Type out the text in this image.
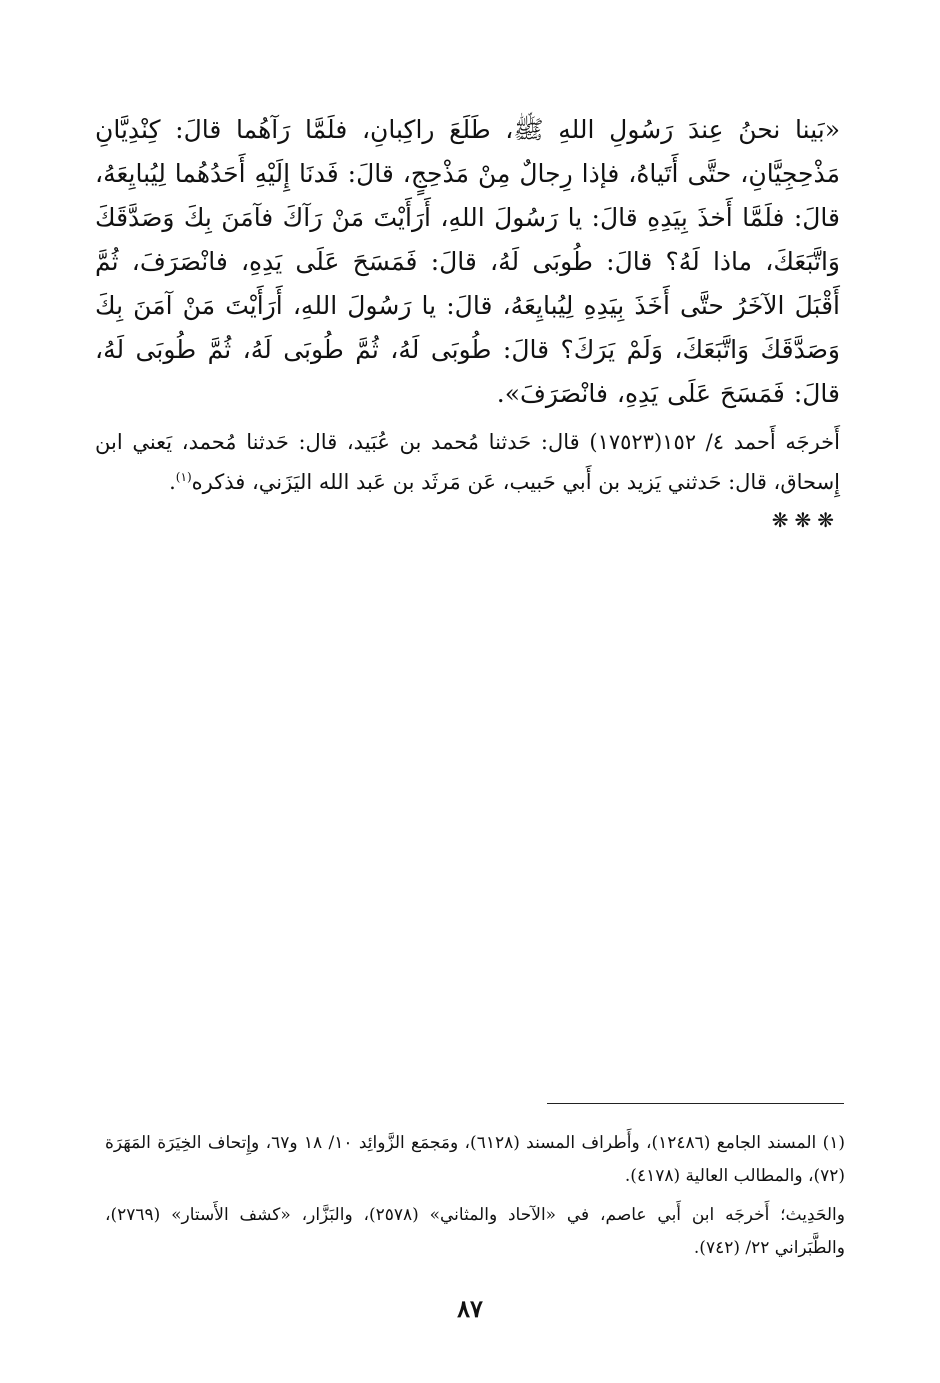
«بَينا نحنُ عِندَ رَسُولِ اللهِ ﷺ، طَلَعَ راكِبانِ، فلَمَّا رَآهُما قالَ: كِنْدِيَّانِ مَذْحِجِيَّانِ، حتَّى أَتَياهُ، فإذا رِجالٌ مِنْ مَذْحِجٍ، قالَ: فَدنَا إِلَيْهِ أَحَدُهُما لِيُبايِعَهُ، قالَ: فلَمَّا أَخذَ بِيَدِهِ قالَ: يا رَسُولَ اللهِ، أَرَأَيْتَ مَنْ رَآكَ فآمَنَ بِكَ وَصَدَّقَكَ وَاتَّبَعَكَ، ماذا لَهُ؟ قالَ: طُوبَى لَهُ، قالَ: فَمَسَحَ عَلَى يَدِهِ، فانْصَرَفَ، ثُمَّ أَقْبَلَ الآخَرُ حتَّى أَخَذَ بِيَدِهِ لِيُبايِعَهُ، قالَ: يا رَسُولَ اللهِ، أَرَأَيْتَ مَنْ آمَنَ بِكَ وَصَدَّقَكَ وَاتَّبَعَكَ، وَلَمْ يَرَكَ؟ قالَ: طُوبَى لَهُ، ثُمَّ طُوبَى لَهُ، ثُمَّ طُوبَى لَهُ، قالَ: فَمَسَحَ عَلَى يَدِهِ، فانْصَرَفَ».

أَخرجَه أَحمد ٤/ ١٥٢(١٧٥٢٣) قال: حَدثنا مُحمد بن عُبَيد، قال: حَدثنا مُحمد، يَعني ابن إِسحاق، قال: حَدثني يَزيد بن أَبي حَبيب، عَن مَرثَد بن عَبد الله اليَزَني، فذكره$^{(١)}$.

❋❋❋

(١) المسند الجامع (١٢٤٨٦)، وأَطراف المسند (٦١٢٨)، ومَجمَع الزَّوائِد ١٠/ ١٨ و٦٧، وإِتحاف الخِيَرَة المَهَرَة (٧٢)، والمطالب العالية (٤١٧٨).

والحَدِيث؛ أَخرجَه ابن أَبي عاصم، في «الآحاد والمثاني» (٢٥٧٨)، والبَزَّار، «كشف الأَستار» (٢٧٦٩)، والطَّبَراني ٢٢/ (٧٤٢).

٨٧
